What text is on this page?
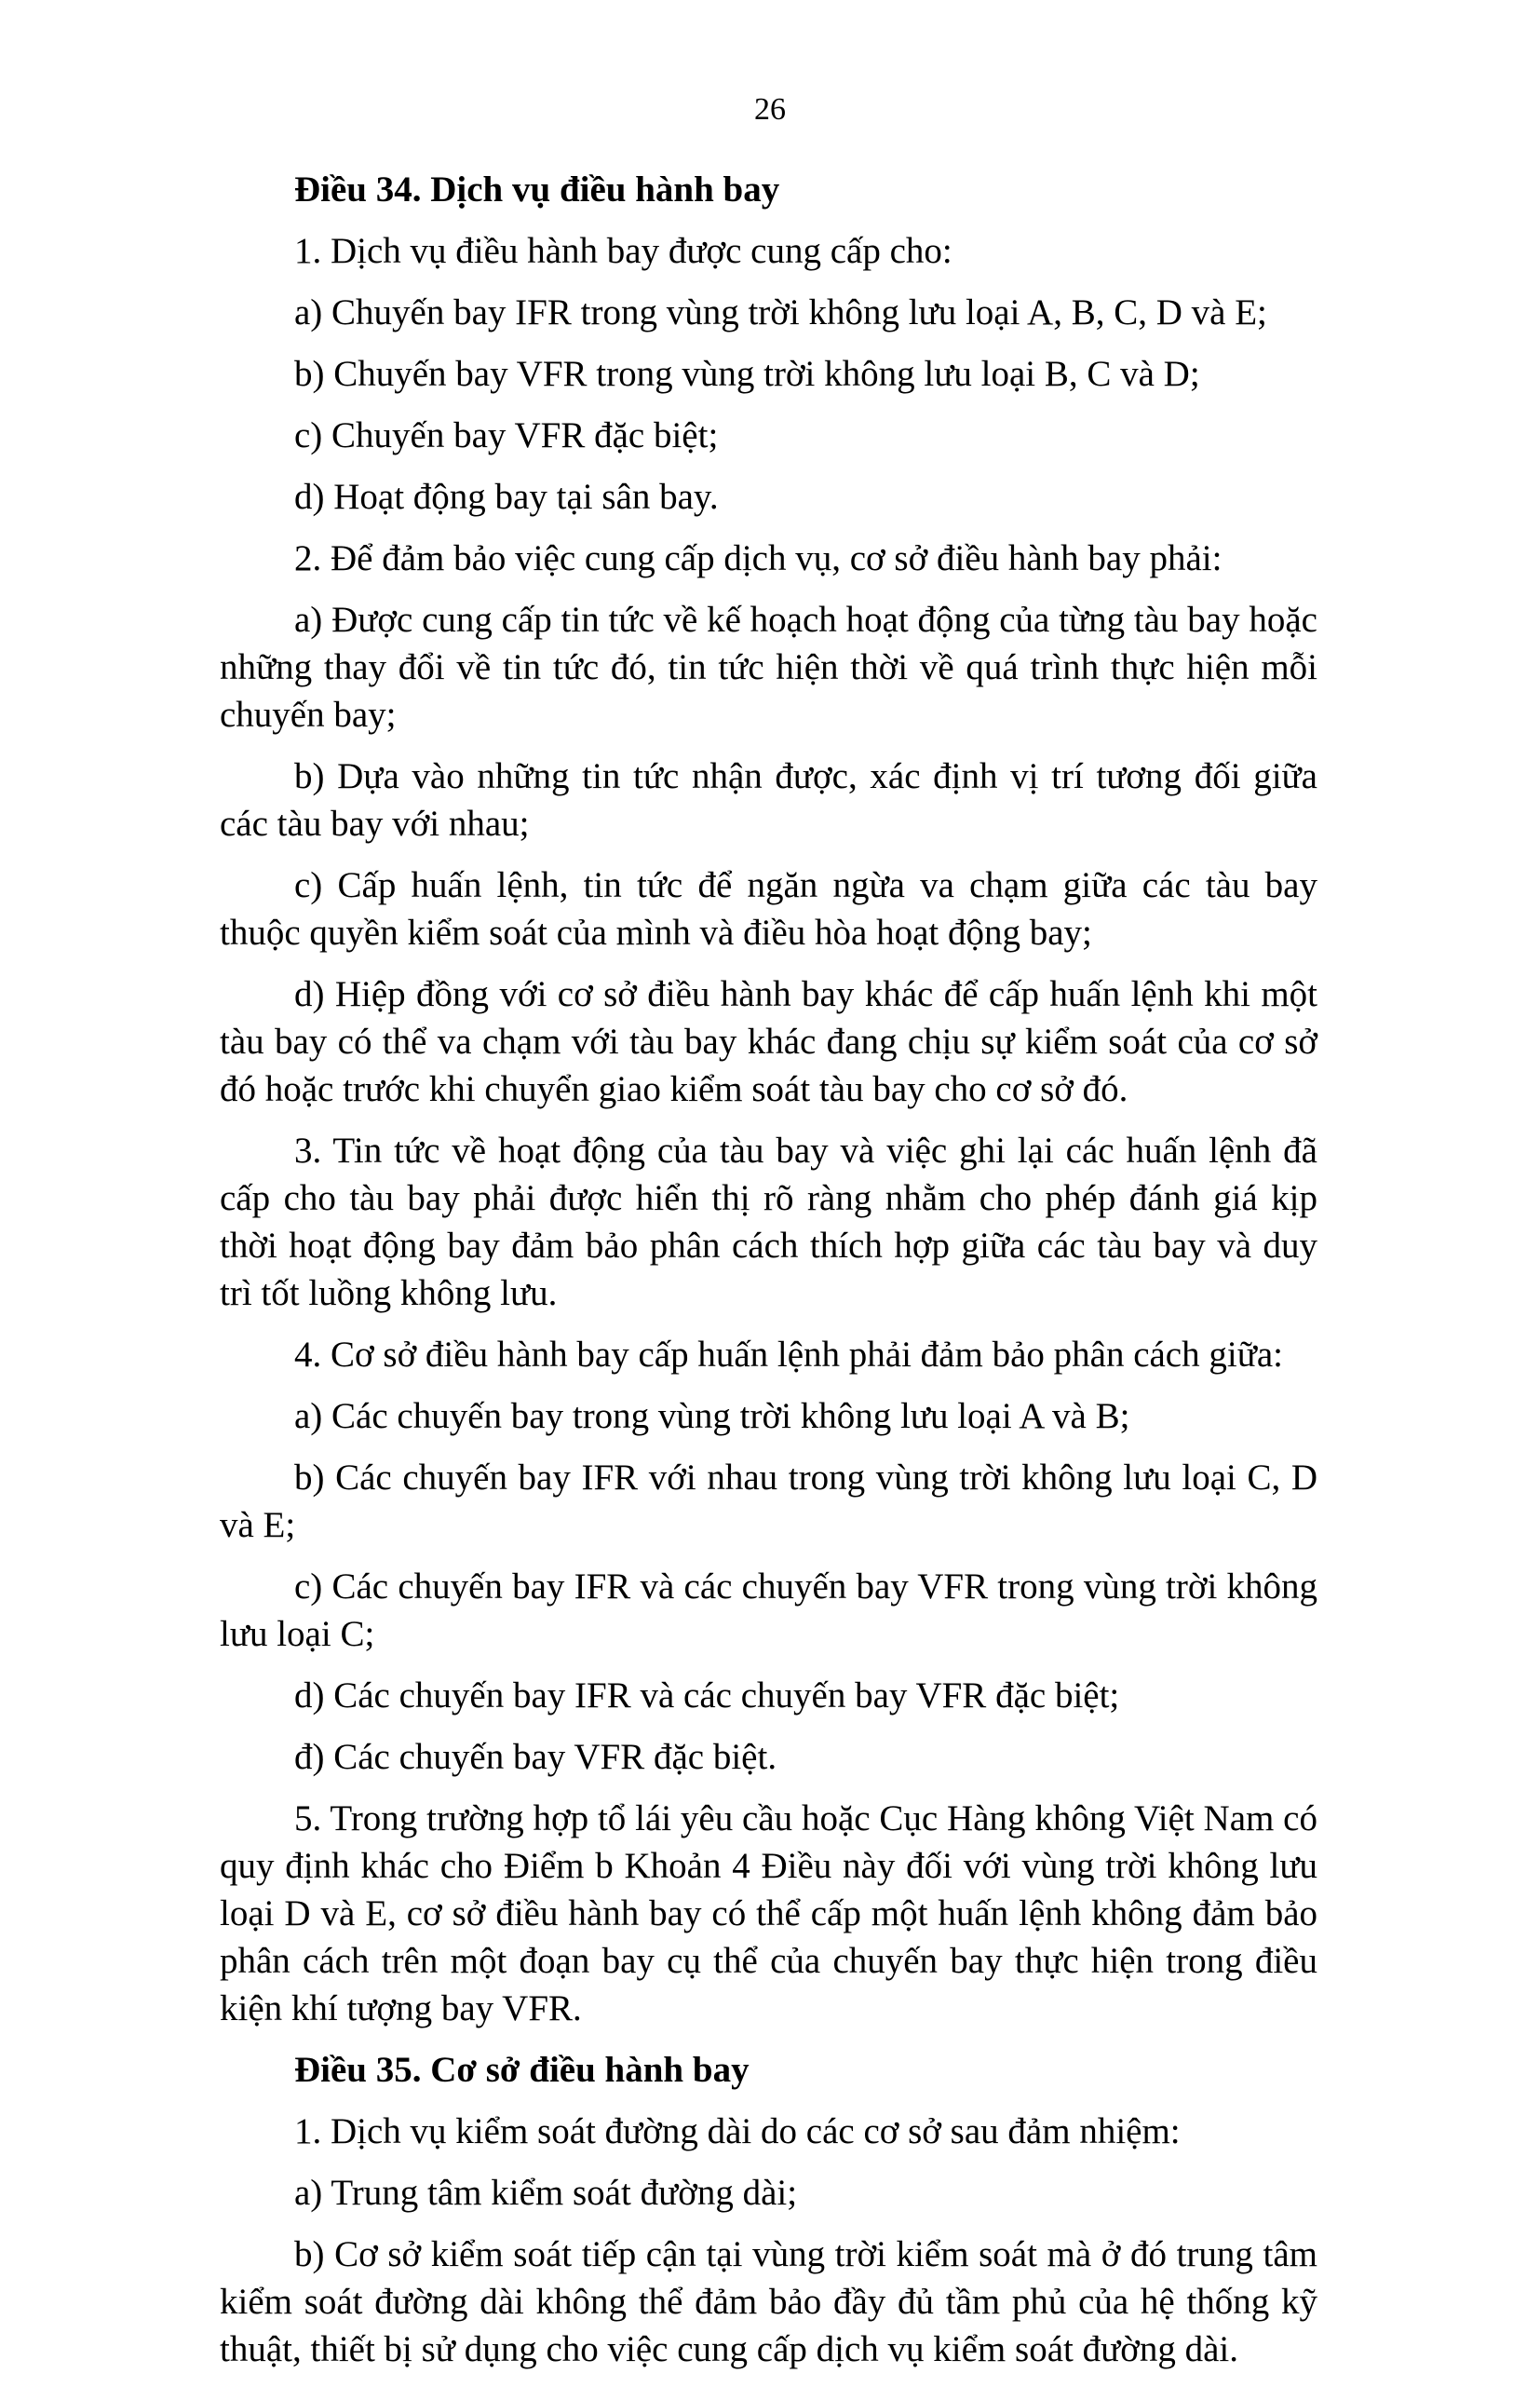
26

Điều 34. Dịch vụ điều hành bay

1. Dịch vụ điều hành bay được cung cấp cho:

a) Chuyến bay IFR trong vùng trời không lưu loại A, B, C, D và E;

b) Chuyến bay VFR trong vùng trời không lưu loại B, C và D;

c) Chuyến bay VFR đặc biệt;

d) Hoạt động bay tại sân bay.

2. Để đảm bảo việc cung cấp dịch vụ, cơ sở điều hành bay phải:

a) Được cung cấp tin tức về kế hoạch hoạt động của từng tàu bay hoặc những thay đổi về tin tức đó, tin tức hiện thời về quá trình thực hiện mỗi chuyến bay;

b) Dựa vào những tin tức nhận được, xác định vị trí tương đối giữa các tàu bay với nhau;

c) Cấp huấn lệnh, tin tức để ngăn ngừa va chạm giữa các tàu bay thuộc quyền kiểm soát của mình và điều hòa hoạt động bay;

d) Hiệp đồng với cơ sở điều hành bay khác để cấp huấn lệnh khi một tàu bay có thể va chạm với tàu bay khác đang chịu sự kiểm soát của cơ sở đó hoặc trước khi chuyển giao kiểm soát tàu bay cho cơ sở đó.

3. Tin tức về hoạt động của tàu bay và việc ghi lại các huấn lệnh đã cấp cho tàu bay phải được hiển thị rõ ràng nhằm cho phép đánh giá kịp thời hoạt động bay đảm bảo phân cách thích hợp giữa các tàu bay và duy trì tốt luồng không lưu.

4. Cơ sở điều hành bay cấp huấn lệnh phải đảm bảo phân cách giữa:

a) Các chuyến bay trong vùng trời không lưu loại A và B;

b) Các chuyến bay IFR với nhau trong vùng trời không lưu loại C, D và E;

c) Các chuyến bay IFR và các chuyến bay VFR trong vùng trời không lưu loại C;

d) Các chuyến bay IFR và các chuyến bay VFR đặc biệt;

đ) Các chuyến bay VFR đặc biệt.

5. Trong trường hợp tổ lái yêu cầu hoặc Cục Hàng không Việt Nam có quy định khác cho Điểm b Khoản 4 Điều này đối với vùng trời không lưu loại D và E, cơ sở điều hành bay có thể cấp một huấn lệnh không đảm bảo phân cách trên một đoạn bay cụ thể của chuyến bay thực hiện trong điều kiện khí tượng bay VFR.

Điều 35. Cơ sở điều hành bay

1. Dịch vụ kiểm soát đường dài do các cơ sở sau đảm nhiệm:

a) Trung tâm kiểm soát đường dài;

b) Cơ sở kiểm soát tiếp cận tại vùng trời kiểm soát mà ở đó trung tâm kiểm soát đường dài không thể đảm bảo đầy đủ tầm phủ của hệ thống kỹ thuật, thiết bị sử dụng cho việc cung cấp dịch vụ kiểm soát đường dài.
